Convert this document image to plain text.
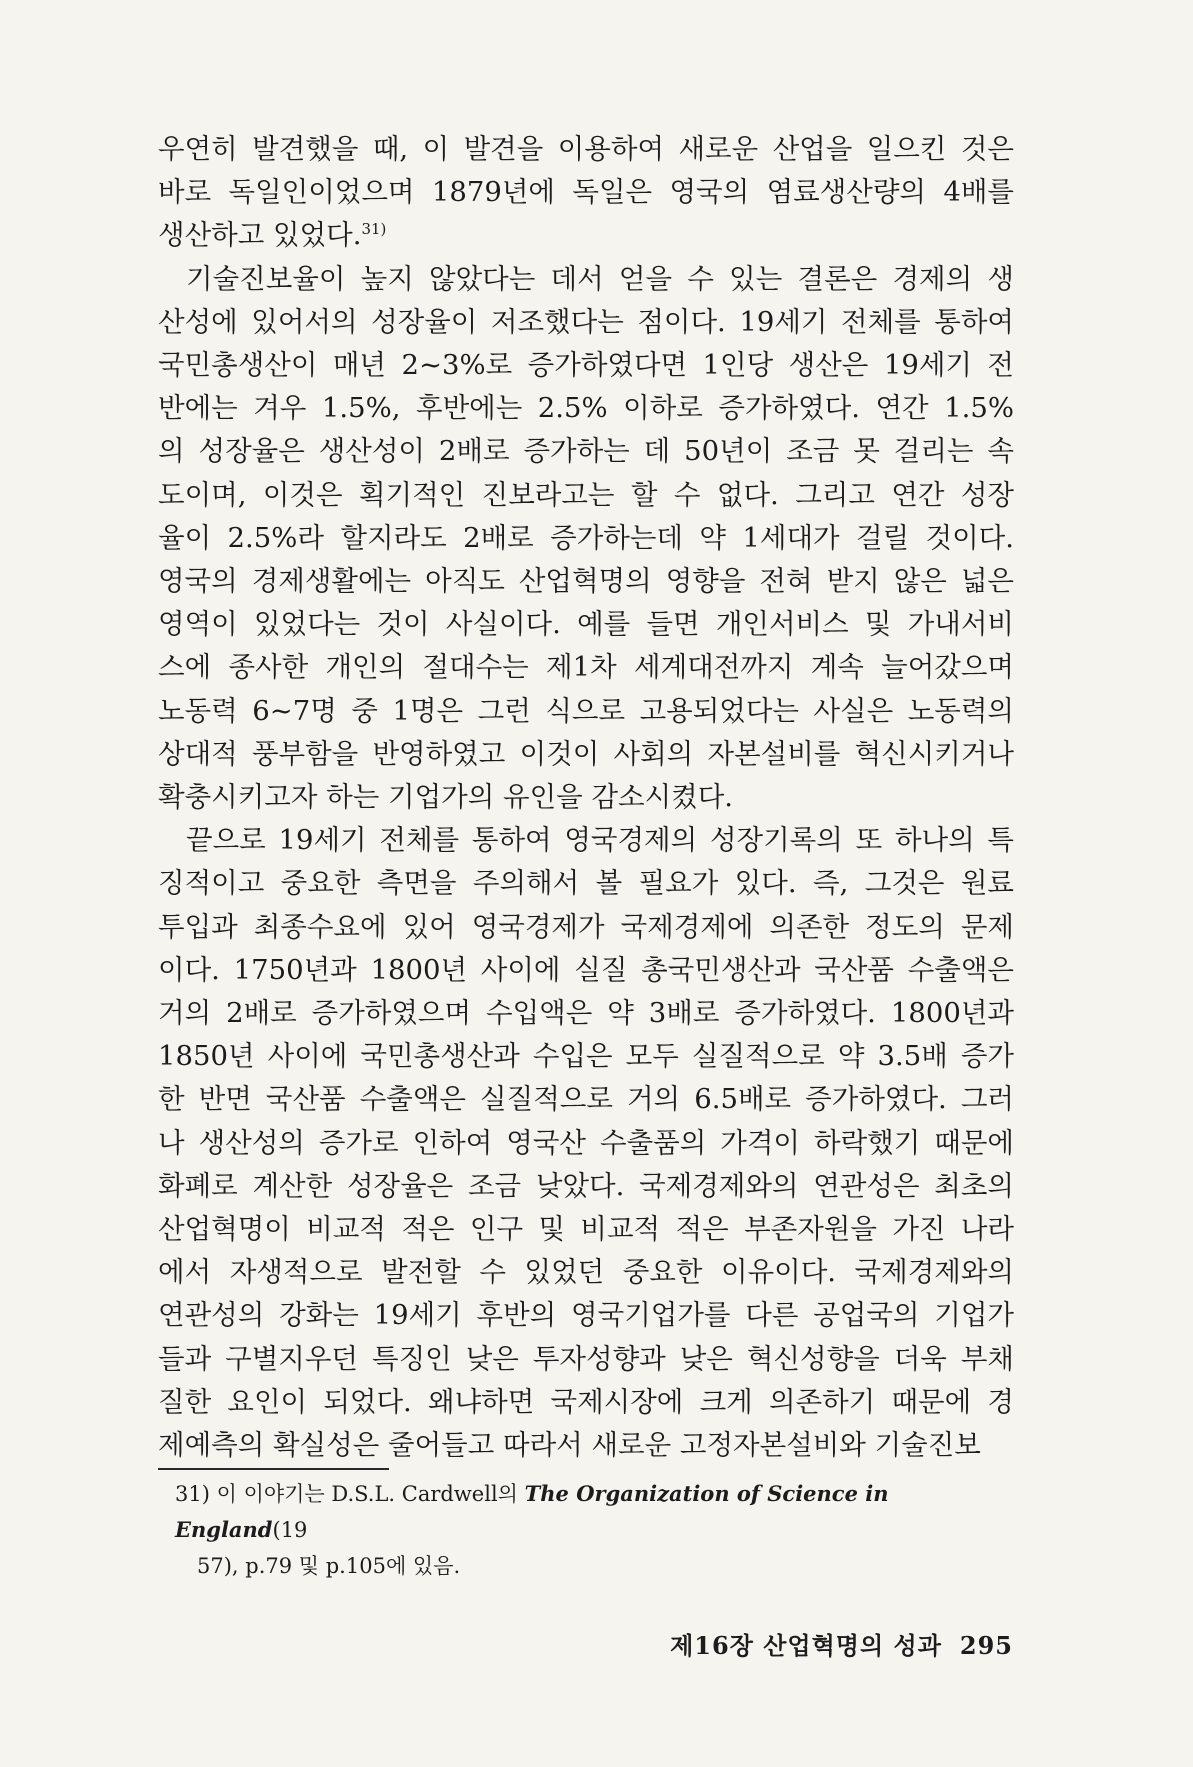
우연히 발견했을 때, 이 발견을 이용하여 새로운 산업을 일으킨 것은

바로 독일인이었으며 1879년에 독일은 영국의 염료생산량의 4배를

생산하고 있었다.$^{31)}$

기술진보율이 높지 않았다는 데서 얻을 수 있는 결론은 경제의 생

산성에 있어서의 성장율이 저조했다는 점이다. 19세기 전체를 통하여

국민총생산이 매년 2~3%로 증가하였다면 1인당 생산은 19세기 전

반에는 겨우 1.5%, 후반에는 2.5% 이하로 증가하였다. 연간 1.5%

의 성장율은 생산성이 2배로 증가하는 데 50년이 조금 못 걸리는 속

도이며, 이것은 획기적인 진보라고는 할 수 없다. 그리고 연간 성장

율이 2.5%라 할지라도 2배로 증가하는데 약 1세대가 걸릴 것이다.

영국의 경제생활에는 아직도 산업혁명의 영향을 전혀 받지 않은 넓은

영역이 있었다는 것이 사실이다. 예를 들면 개인서비스 및 가내서비

스에 종사한 개인의 절대수는 제1차 세계대전까지 계속 늘어갔으며

노동력 6~7명 중 1명은 그런 식으로 고용되었다는 사실은 노동력의

상대적 풍부함을 반영하였고 이것이 사회의 자본설비를 혁신시키거나

확충시키고자 하는 기업가의 유인을 감소시켰다.

끝으로 19세기 전체를 통하여 영국경제의 성장기록의 또 하나의 특

징적이고 중요한 측면을 주의해서 볼 필요가 있다. 즉, 그것은 원료

투입과 최종수요에 있어 영국경제가 국제경제에 의존한 정도의 문제

이다. 1750년과 1800년 사이에 실질 총국민생산과 국산품 수출액은

거의 2배로 증가하였으며 수입액은 약 3배로 증가하였다. 1800년과

1850년 사이에 국민총생산과 수입은 모두 실질적으로 약 3.5배 증가

한 반면 국산품 수출액은 실질적으로 거의 6.5배로 증가하였다. 그러

나 생산성의 증가로 인하여 영국산 수출품의 가격이 하락했기 때문에

화폐로 계산한 성장율은 조금 낮았다. 국제경제와의 연관성은 최초의

산업혁명이 비교적 적은 인구 및 비교적 적은 부존자원을 가진 나라

에서 자생적으로 발전할 수 있었던 중요한 이유이다. 국제경제와의

연관성의 강화는 19세기 후반의 영국기업가를 다른 공업국의 기업가

들과 구별지우던 특징인 낮은 투자성향과 낮은 혁신성향을 더욱 부채

질한 요인이 되었다. 왜냐하면 국제시장에 크게 의존하기 때문에 경

제예측의 확실성은 줄어들고 따라서 새로운 고정자본설비와 기술진보

31) 이 이야기는 D.S.L. Cardwell의 The Organization of Science in England(19
57), p.79 및 p.105에 있음.
제16장 산업혁명의 성과 295
